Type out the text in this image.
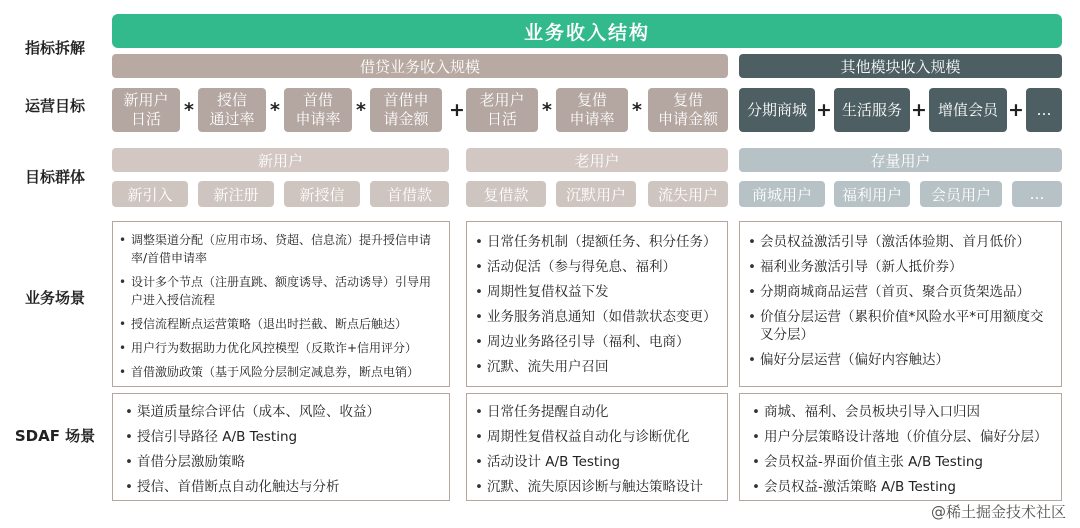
指标拆解
运营目标
目标群体
业务场景
SDAF 场景
业务收入结构
借贷业务收入规模	其他模块收入规模
新用户
日活	*	授信
通过率 *	首借
申请率 *	首借申
请金额	+ 老用户
日活	*	复借
申请率 *	复借
申请金额
分期商城 + 生活服务 + 增值会员 + …
新用户	老用户	存量用户
新引入	新注册	新授信	首借款	复借款	沉默用户	流失用户	商城用户	福利用户	会员用户	…
• 调整渠道分配（应用市场、贷超、信息流）提升授信申请率/首借申请率
• 设计多个节点（注册直跳、额度诱导、活动诱导）引导用户进入授信流程
• 授信流程断点运营策略（退出时拦截、断点后触达）
• 用户行为数据助力优化风控模型（反欺诈+信用评分）
• 首借激励政策（基于风险分层制定减息券，断点电销）
• 日常任务机制（提额任务、积分任务）
• 活动促活（参与得免息、福利）
• 周期性复借权益下发
• 业务服务消息通知（如借款状态变更）
• 周边业务路径引导（福利、电商）
• 沉默、流失用户召回
• 会员权益激活引导（激活体验期、首月低价）
• 福利业务激活引导（新人抵价券）
• 分期商城商品运营（首页、聚合页货架选品）
• 价值分层运营（累积价值*风险水平*可用额度交叉分层）
• 偏好分层运营（偏好内容触达）
• 渠道质量综合评估（成本、风险、收益）
• 授信引导路径 A/B Testing
• 首借分层激励策略
• 授信、首借断点自动化触达与分析
• 日常任务提醒自动化
• 周期性复借权益自动化与诊断优化
• 活动设计 A/B Testing
• 沉默、流失原因诊断与触达策略设计
• 商城、福利、会员板块引导入口归因
• 用户分层策略设计落地（价值分层、偏好分层）
• 会员权益-界面价值主张 A/B Testing
• 会员权益-激活策略 A/B Testing
@稀土掘金技术社区
